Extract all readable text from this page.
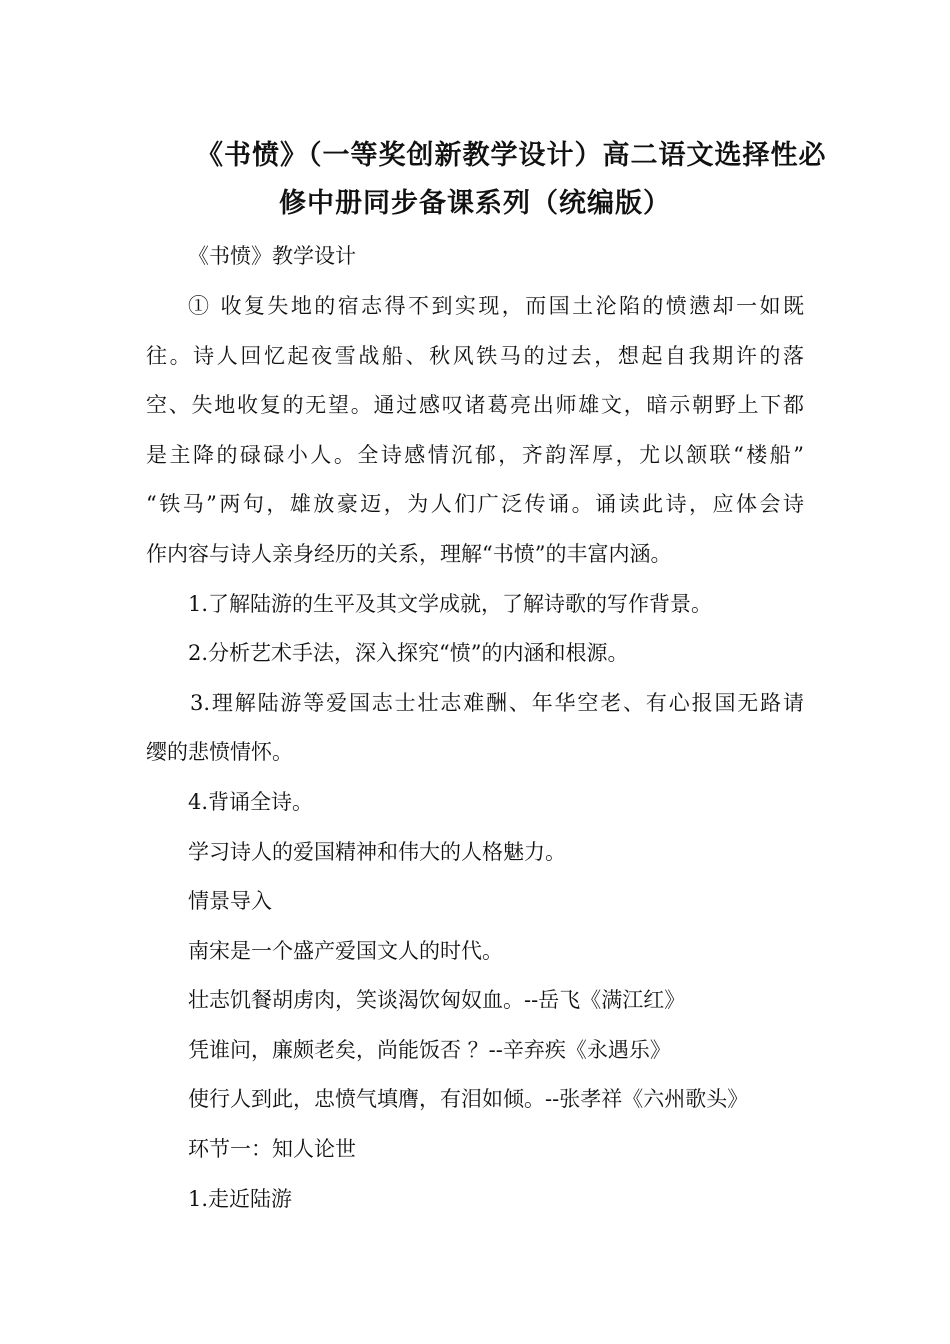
《书愤》（一等奖创新教学设计）高二语文选择性必
修中册同步备课系列（统编版）
《书愤》教学设计
① 收复失地的宿志得不到实现，而国土沦陷的愤懑却一如既
往。诗人回忆起夜雪战船、秋风铁马的过去，想起自我期许的落
空、失地收复的无望。通过感叹诸葛亮出师雄文，暗示朝野上下都
是主降的碌碌小人。全诗感情沉郁，齐韵浑厚，尤以颔联“楼船”
“铁马”两句，雄放豪迈，为人们广泛传诵。诵读此诗，应体会诗
作内容与诗人亲身经历的关系，理解“书愤”的丰富内涵。
1.了解陆游的生平及其文学成就，了解诗歌的写作背景。
2.分析艺术手法，深入探究“愤”的内涵和根源。
3.理解陆游等爱国志士壮志难酬、年华空老、有心报国无路请
缨的悲愤情怀。
4.背诵全诗。
学习诗人的爱国精神和伟大的人格魅力。
情景导入
南宋是一个盛产爱国文人的时代。
壮志饥餐胡虏肉，笑谈渴饮匈奴血。--岳飞《满江红》
凭谁问，廉颇老矣，尚能饭否 ？--辛弃疾《永遇乐》
使行人到此，忠愤气填膺，有泪如倾。--张孝祥《六州歌头》
环节一：知人论世
1.走近陆游
